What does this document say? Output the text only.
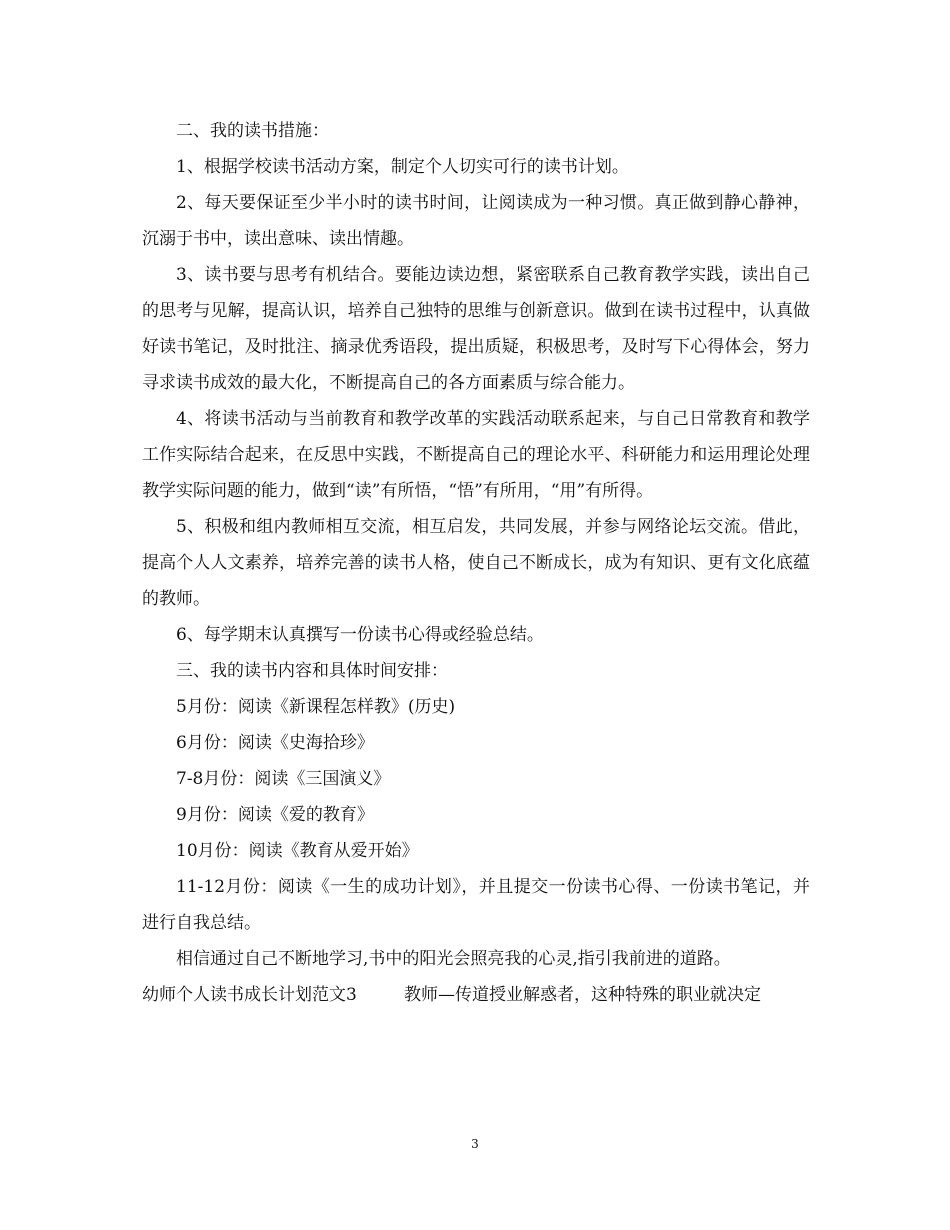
二、我的读书措施：

1、根据学校读书活动方案，制定个人切实可行的读书计划。

2、每天要保证至少半小时的读书时间，让阅读成为一种习惯。真正做到静心静神，沉溺于书中，读出意味、读出情趣。

3、读书要与思考有机结合。要能边读边想，紧密联系自己教育教学实践，读出自己的思考与见解，提高认识，培养自己独特的思维与创新意识。做到在读书过程中，认真做好读书笔记，及时批注、摘录优秀语段，提出质疑，积极思考，及时写下心得体会，努力寻求读书成效的最大化，不断提高自己的各方面素质与综合能力。

4、将读书活动与当前教育和教学改革的实践活动联系起来，与自己日常教育和教学工作实际结合起来，在反思中实践，不断提高自己的理论水平、科研能力和运用理论处理教学实际问题的能力，做到“读”有所悟，“悟”有所用，“用”有所得。

5、积极和组内教师相互交流，相互启发，共同发展，并参与网络论坛交流。借此，提高个人人文素养，培养完善的读书人格，使自己不断成长，成为有知识、更有文化底蕴的教师。

6、每学期末认真撰写一份读书心得或经验总结。

三、我的读书内容和具体时间安排：

5月份：阅读《新课程怎样教》(历史)

6月份：阅读《史海拾珍》

7-8月份：阅读《三国演义》

9月份：阅读《爱的教育》

10月份：阅读《教育从爱开始》

11-12月份：阅读《一生的成功计划》，并且提交一份读书心得、一份读书笔记，并进行自我总结。

相信通过自己不断地学习,书中的阳光会照亮我的心灵,指引我前进的道路。

幼师个人读书成长计划范文3	教师—传道授业解惑者，这种特殊的职业就决定

3
